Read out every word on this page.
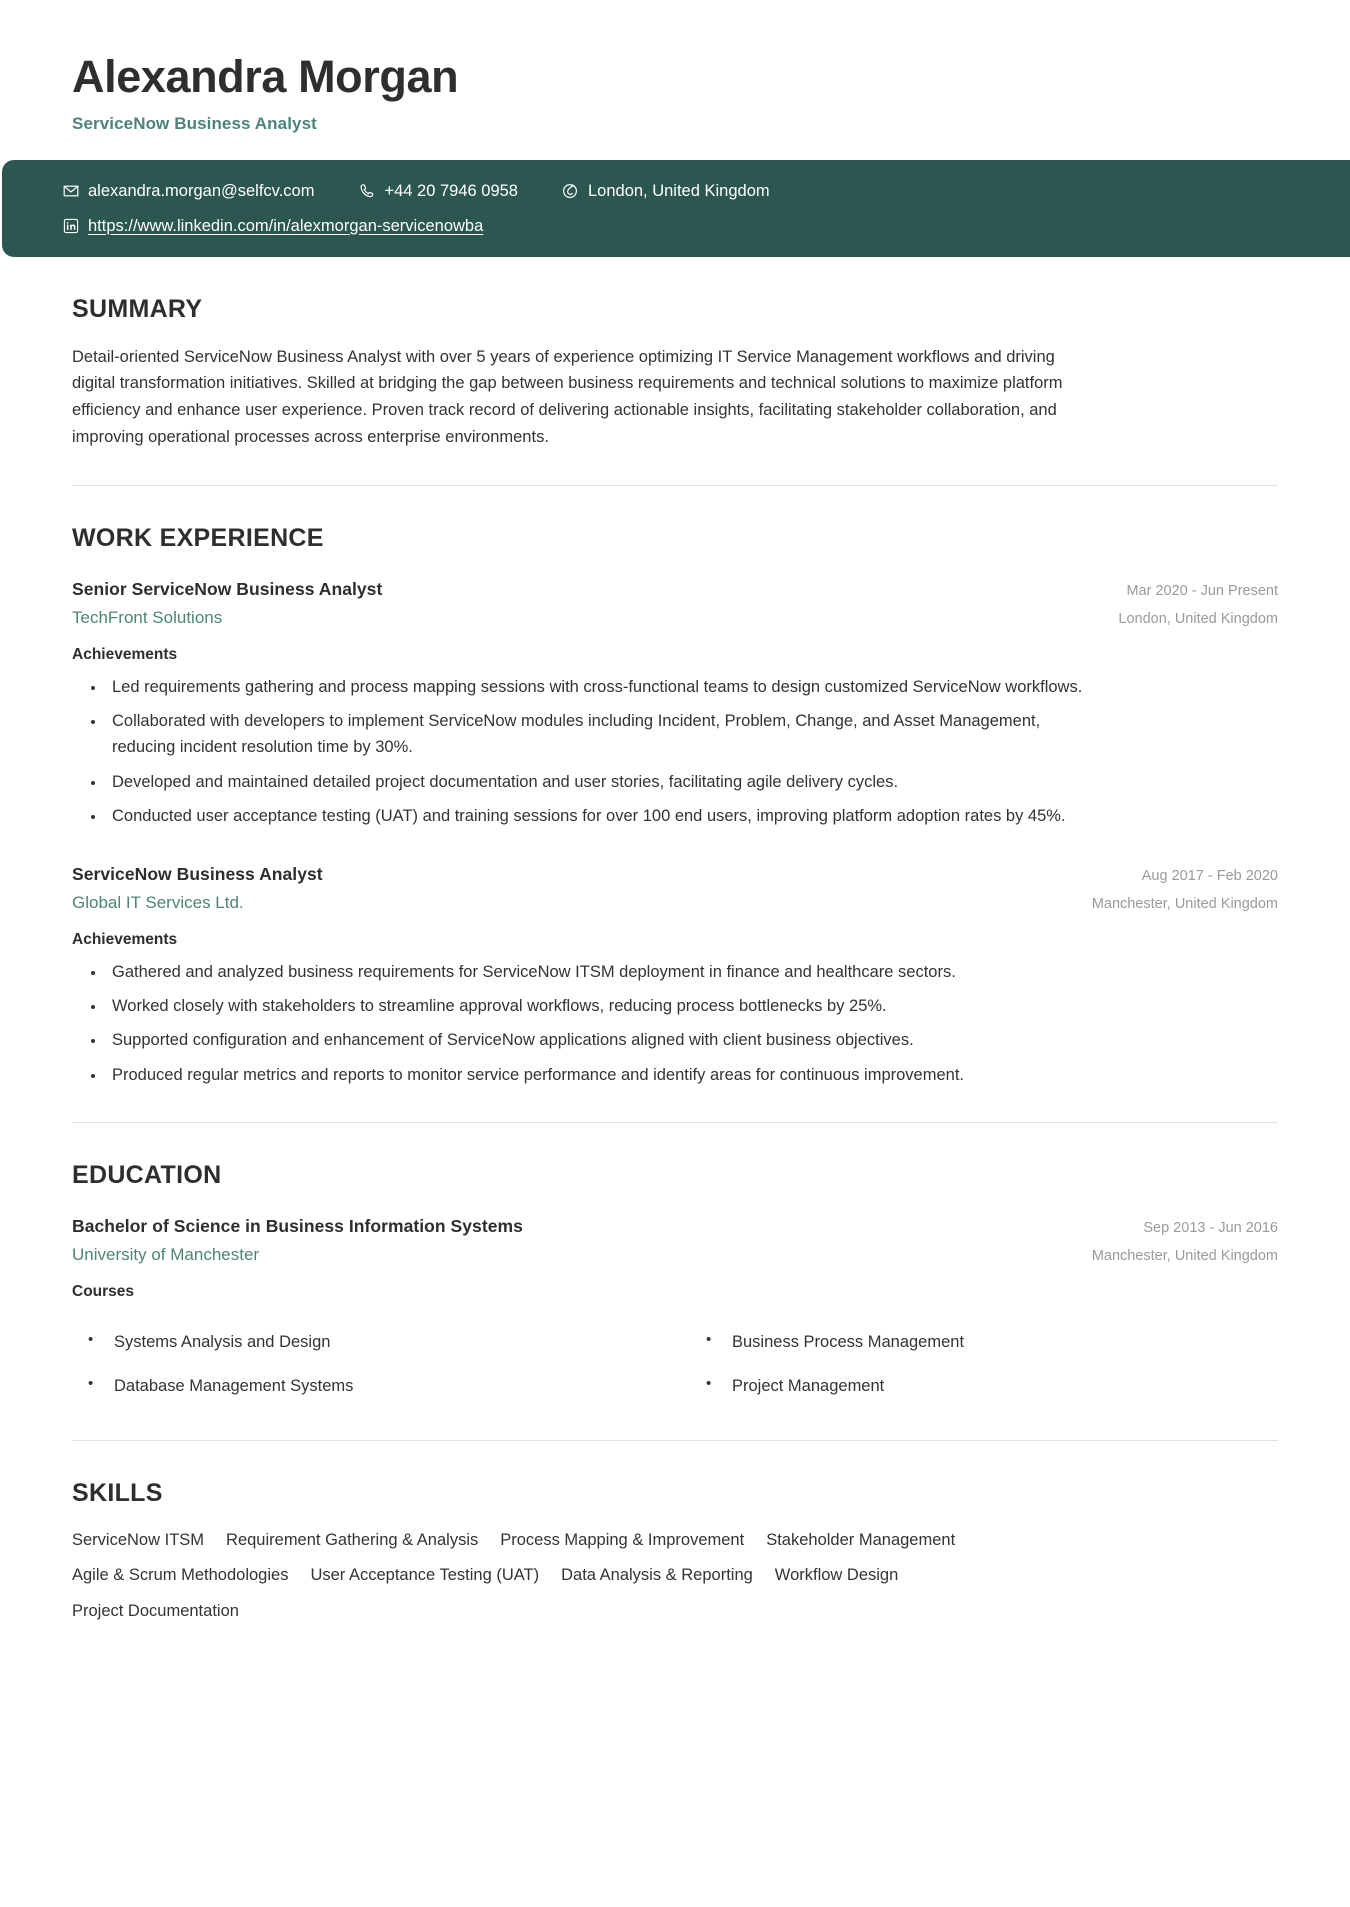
Alexandra Morgan
ServiceNow Business Analyst
alexandra.morgan@selfcv.com	+44 20 7946 0958	London, United Kingdom
https://www.linkedin.com/in/alexmorgan-servicenowba
SUMMARY

Detail-oriented ServiceNow Business Analyst with over 5 years of experience optimizing IT Service Management workflows and driving digital transformation initiatives. Skilled at bridging the gap between business requirements and technical solutions to maximize platform efficiency and enhance user experience. Proven track record of delivering actionable insights, facilitating stakeholder collaboration, and improving operational processes across enterprise environments.

WORK EXPERIENCE
Senior ServiceNow Business Analyst	Mar 2020 - Jun Present
TechFront Solutions	London, United Kingdom
Achievements
• Led requirements gathering and process mapping sessions with cross-functional teams to design customized ServiceNow workflows.
• Collaborated with developers to implement ServiceNow modules including Incident, Problem, Change, and Asset Management, reducing incident resolution time by 30%.
• Developed and maintained detailed project documentation and user stories, facilitating agile delivery cycles.
• Conducted user acceptance testing (UAT) and training sessions for over 100 end users, improving platform adoption rates by 45%.
ServiceNow Business Analyst	Aug 2017 - Feb 2020
Global IT Services Ltd.	Manchester, United Kingdom
Achievements
• Gathered and analyzed business requirements for ServiceNow ITSM deployment in finance and healthcare sectors.
• Worked closely with stakeholders to streamline approval workflows, reducing process bottlenecks by 25%.
• Supported configuration and enhancement of ServiceNow applications aligned with client business objectives.
• Produced regular metrics and reports to monitor service performance and identify areas for continuous improvement.
EDUCATION
Bachelor of Science in Business Information Systems	Sep 2013 - Jun 2016
University of Manchester	Manchester, United Kingdom
Courses
• Systems Analysis and Design
• Database Management Systems
• Business Process Management
• Project Management
SKILLS
ServiceNow ITSM Requirement Gathering & Analysis Process Mapping & Improvement Stakeholder Management
Agile & Scrum Methodologies User Acceptance Testing (UAT) Data Analysis & Reporting Workflow Design
Project Documentation
